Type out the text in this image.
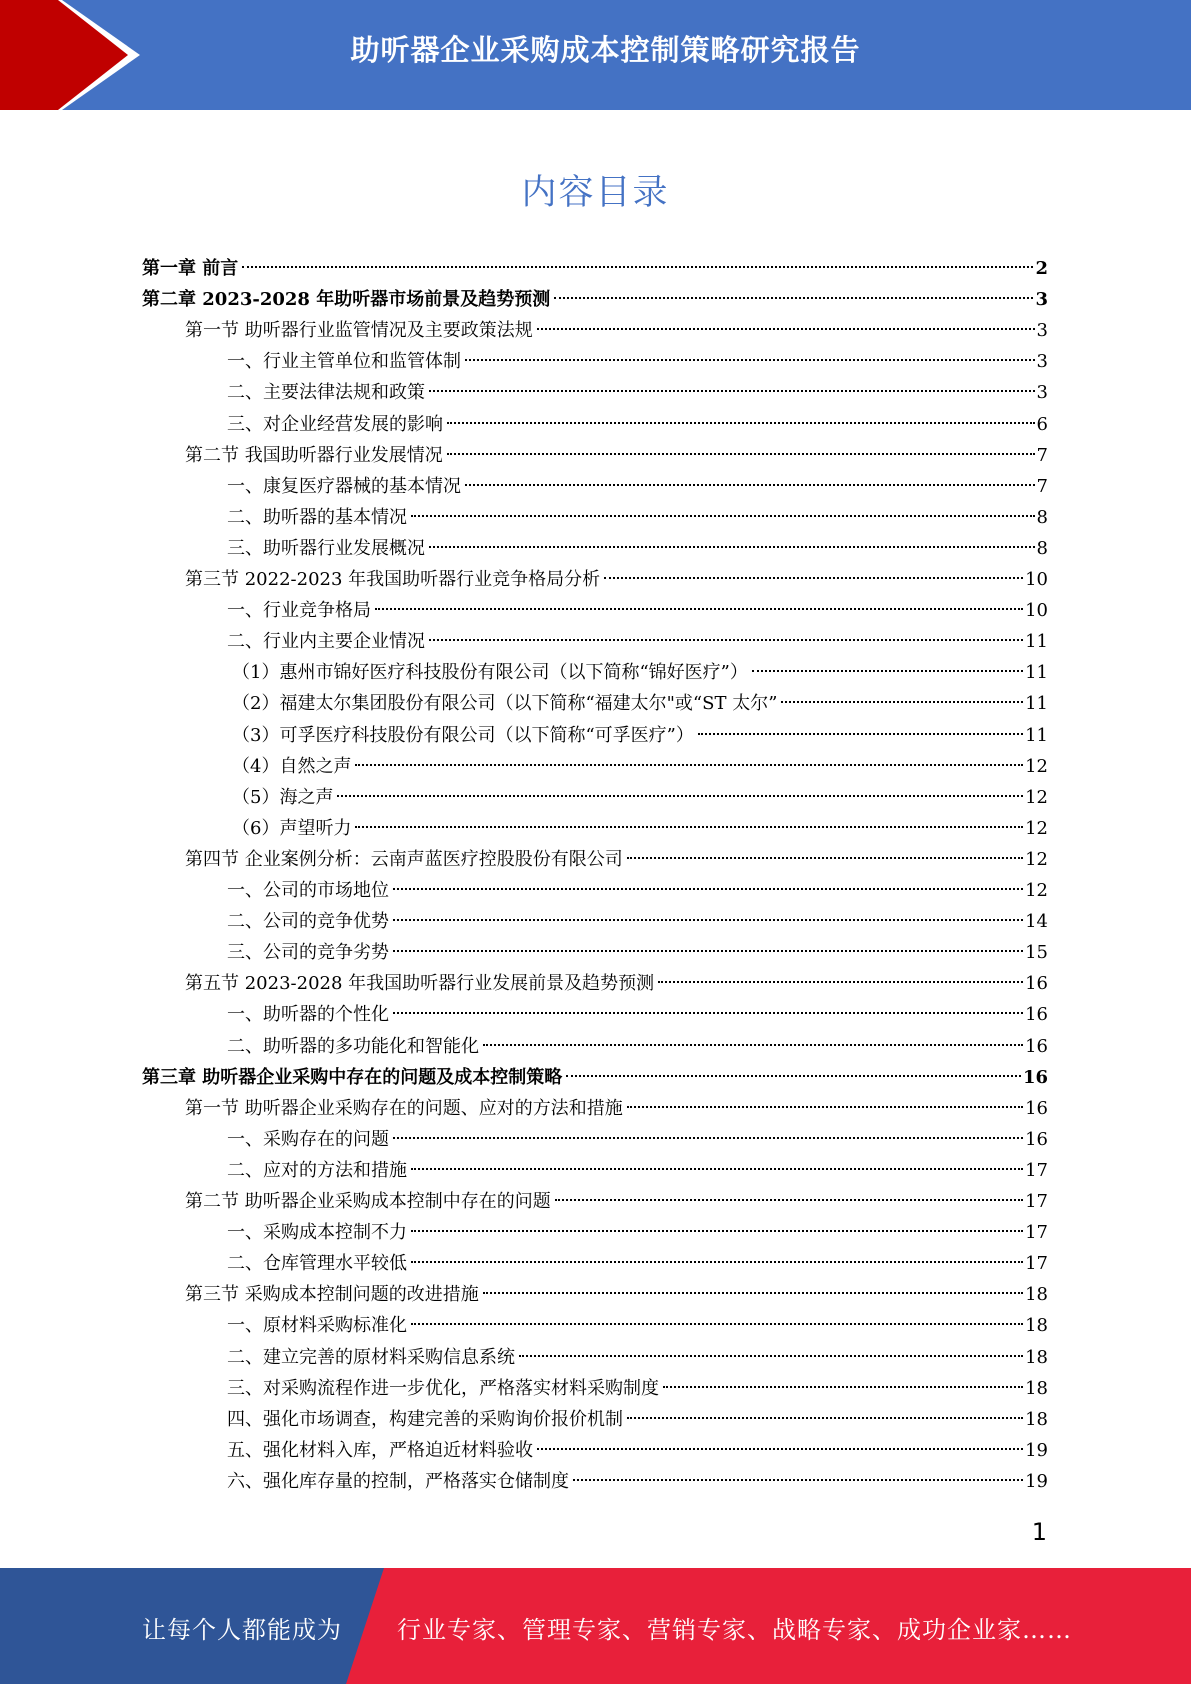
助听器企业采购成本控制策略研究报告
内容目录
第一章 前言	2
第二章 2023-2028 年助听器市场前景及趋势预测	3
第一节 助听器行业监管情况及主要政策法规	3
一、行业主管单位和监管体制	3
二、主要法律法规和政策	3
三、对企业经营发展的影响	6
第二节 我国助听器行业发展情况	7
一、康复医疗器械的基本情况	7
二、助听器的基本情况	8
三、助听器行业发展概况	8
第三节 2022-2023 年我国助听器行业竞争格局分析	10
一、行业竞争格局	10
二、行业内主要企业情况	11
（1）惠州市锦好医疗科技股份有限公司（以下简称“锦好医疗”）	11
（2）福建太尔集团股份有限公司（以下简称“福建太尔"或“ST 太尔”	11
（3）可孚医疗科技股份有限公司（以下简称“可孚医疗”）	11
（4）自然之声	12
（5）海之声	12
（6）声望听力	12
第四节 企业案例分析：云南声蓝医疗控股股份有限公司	12
一、公司的市场地位	12
二、公司的竞争优势	14
三、公司的竞争劣势	15
第五节 2023-2028 年我国助听器行业发展前景及趋势预测	16
一、助听器的个性化	16
二、助听器的多功能化和智能化	16
第三章 助听器企业采购中存在的问题及成本控制策略	16
第一节 助听器企业采购存在的问题、应对的方法和措施	16
一、采购存在的问题	16
二、应对的方法和措施	17
第二节 助听器企业采购成本控制中存在的问题	17
一、采购成本控制不力	17
二、仓库管理水平较低	17
第三节 采购成本控制问题的改进措施	18
一、原材料采购标准化	18
二、建立完善的原材料采购信息系统	18
三、对采购流程作进一步优化，严格落实材料采购制度	18
四、强化市场调查，构建完善的采购询价报价机制	18
五、强化材料入库，严格迫近材料验收	19
六、强化库存量的控制，严格落实仓储制度	19
1
让每个人都能成为 行业专家、管理专家、营销专家、战略专家、成功企业家……
